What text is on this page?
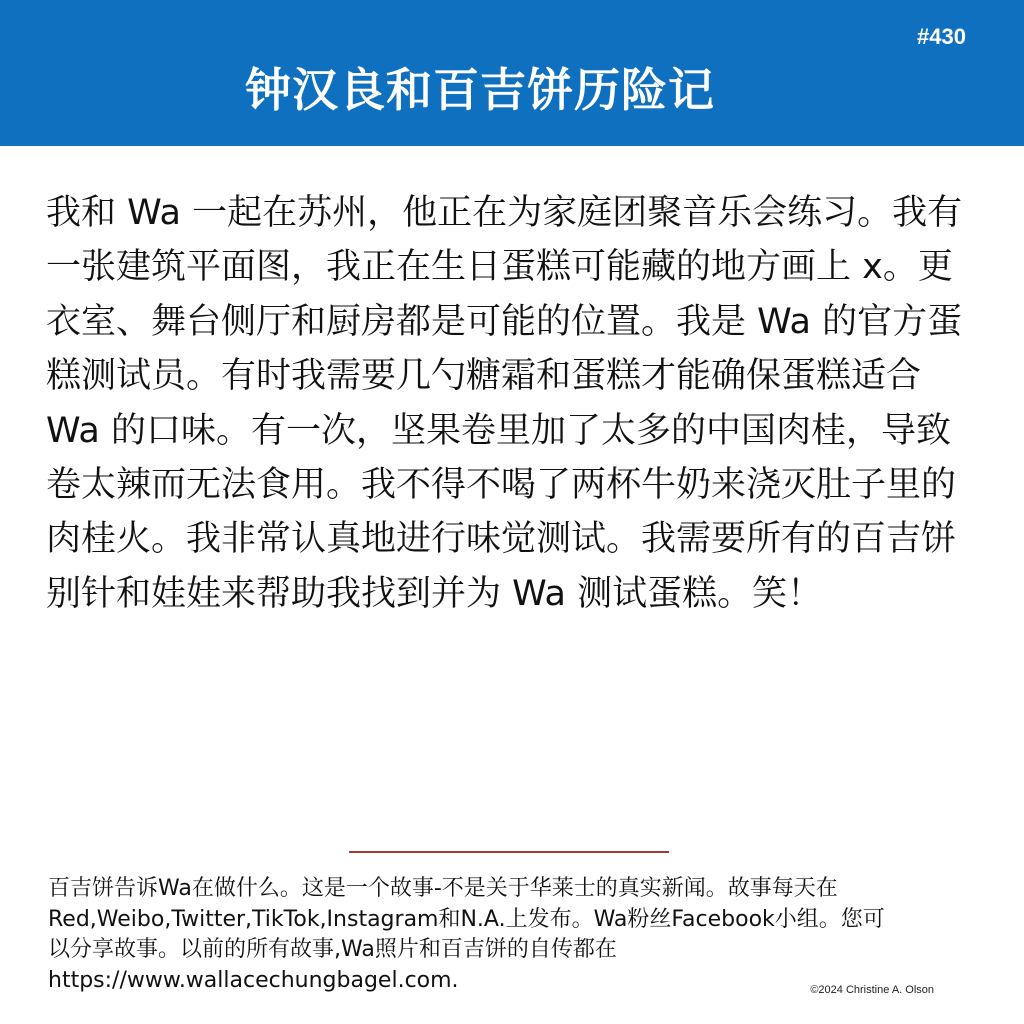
#430
钟汉良和百吉饼历险记

我和 Wa 一起在苏州，他正在为家庭团聚音乐会练习。我有一张建筑平面图，我正在生日蛋糕可能藏的地方画上 x。更衣室、舞台侧厅和厨房都是可能的位置。我是 Wa 的官方蛋糕测试员。有时我需要几勺糖霜和蛋糕才能确保蛋糕适合 Wa 的口味。有一次，坚果卷里加了太多的中国肉桂，导致卷太辣而无法食用。我不得不喝了两杯牛奶来浇灭肚子里的肉桂火。我非常认真地进行味觉测试。我需要所有的百吉饼别针和娃娃来帮助我找到并为 Wa 测试蛋糕。笑！

百吉饼告诉Wa在做什么。这是一个故事-不是关于华莱士的真实新闻。故事每天在
Red,Weibo,Twitter,TikTok,Instagram和N.A.上发布。Wa粉丝Facebook小组。您可
以分享故事。以前的所有故事,Wa照片和百吉饼的自传都在
https://www.wallacechungbagel.com.	©2024 Christine A. Olson
